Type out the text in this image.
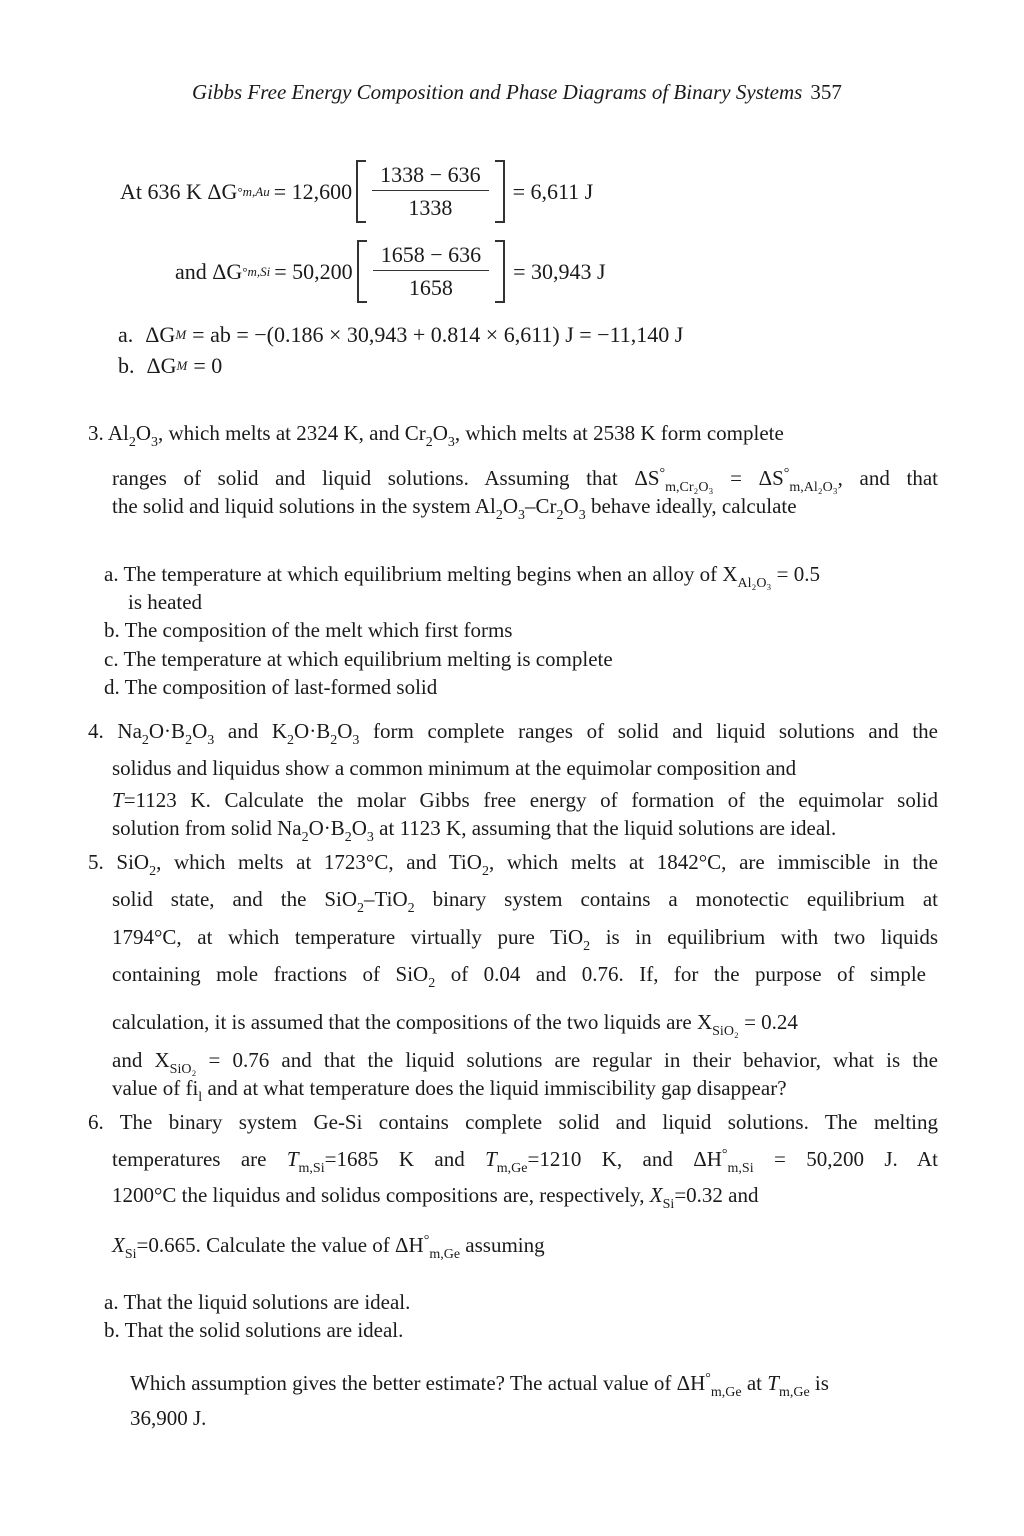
Gibbs Free Energy Composition and Phase Diagrams of Binary Systems 357
At 636 K ΔG ° $m,Au = 12,600 \frac{1338 - 636}{1338} = 6,611$ J
and ΔG ° $m,Si = 50,200 \frac{1658 - 636}{1658} = 30,943$ J
a. ΔG M = ab = −(0.186 × 30,943 + 0.814 × 6,611) J = −11,140 J
b. ΔG M = 0
3. $Al_2O_3$, which melts at 2324 K, and $Cr_2O_3$, which melts at 2538 K form complete
ranges of solid and liquid solutions. Assuming that $\Delta S^\circ_{m,Cr_2O_3} = \Delta S^\circ_{m,Al_2O_3}$, and that
the solid and liquid solutions in the system $Al_2O_3-Cr_2O_3$ behave ideally, calculate
a. The temperature at which equilibrium melting begins when an alloy of $X_{Al_2O_3} = 0.5$
is heated
b. The composition of the melt which first forms
c. The temperature at which equilibrium melting is complete
d. The composition of last-formed solid
4. $Na_2O\cdot B_2O_3$ and $K_2O\cdot B_2O_3$ form complete ranges of solid and liquid solutions and the
solidus and liquidus show a common minimum at the equimolar composition and
T=1123 K. Calculate the molar Gibbs free energy of formation of the equimolar solid
solution from solid $Na_2O\cdot B_2O_3$ at 1123 K, assuming that the liquid solutions are ideal.
5. SiO$_2$, which melts at 1723°C, and TiO$_2$, which melts at 1842°C, are immiscible in the
solid state, and the SiO$_2$–TiO$_2$ binary system contains a monotectic equilibrium at
1794°C, at which temperature virtually pure TiO$_2$ is in equilibrium with two liquids
containing mole fractions of SiO$_2$ of 0.04 and 0.76. If, for the purpose of simple
calculation, it is assumed that the compositions of the two liquids are $X_{SiO_2} = 0.24$
and $X_{SiO_2} = 0.76$ and that the liquid solutions are regular in their behavior, what is the
value of $fi_l$ and at what temperature does the liquid immiscibility gap disappear?
6. The binary system Ge-Si contains complete solid and liquid solutions. The melting
temperatures are $T_{m,Si}=1685$ K and $T_{m,Ge}=1210$ K, and $\Delta H^\circ_{m,Si} = 50,200$ J. At
1200°C the liquidus and solidus compositions are, respectively, $X_{Si}=0.32$ and
$X_{Si}=0.665$. Calculate the value of $\Delta H^\circ_{m,Ge}$ assuming
a. That the liquid solutions are ideal.
b. That the solid solutions are ideal.
Which assumption gives the better estimate? The actual value of $\Delta H^\circ_{m,Ge}$ at $T_{m,Ge}$ is
36,900 J.
